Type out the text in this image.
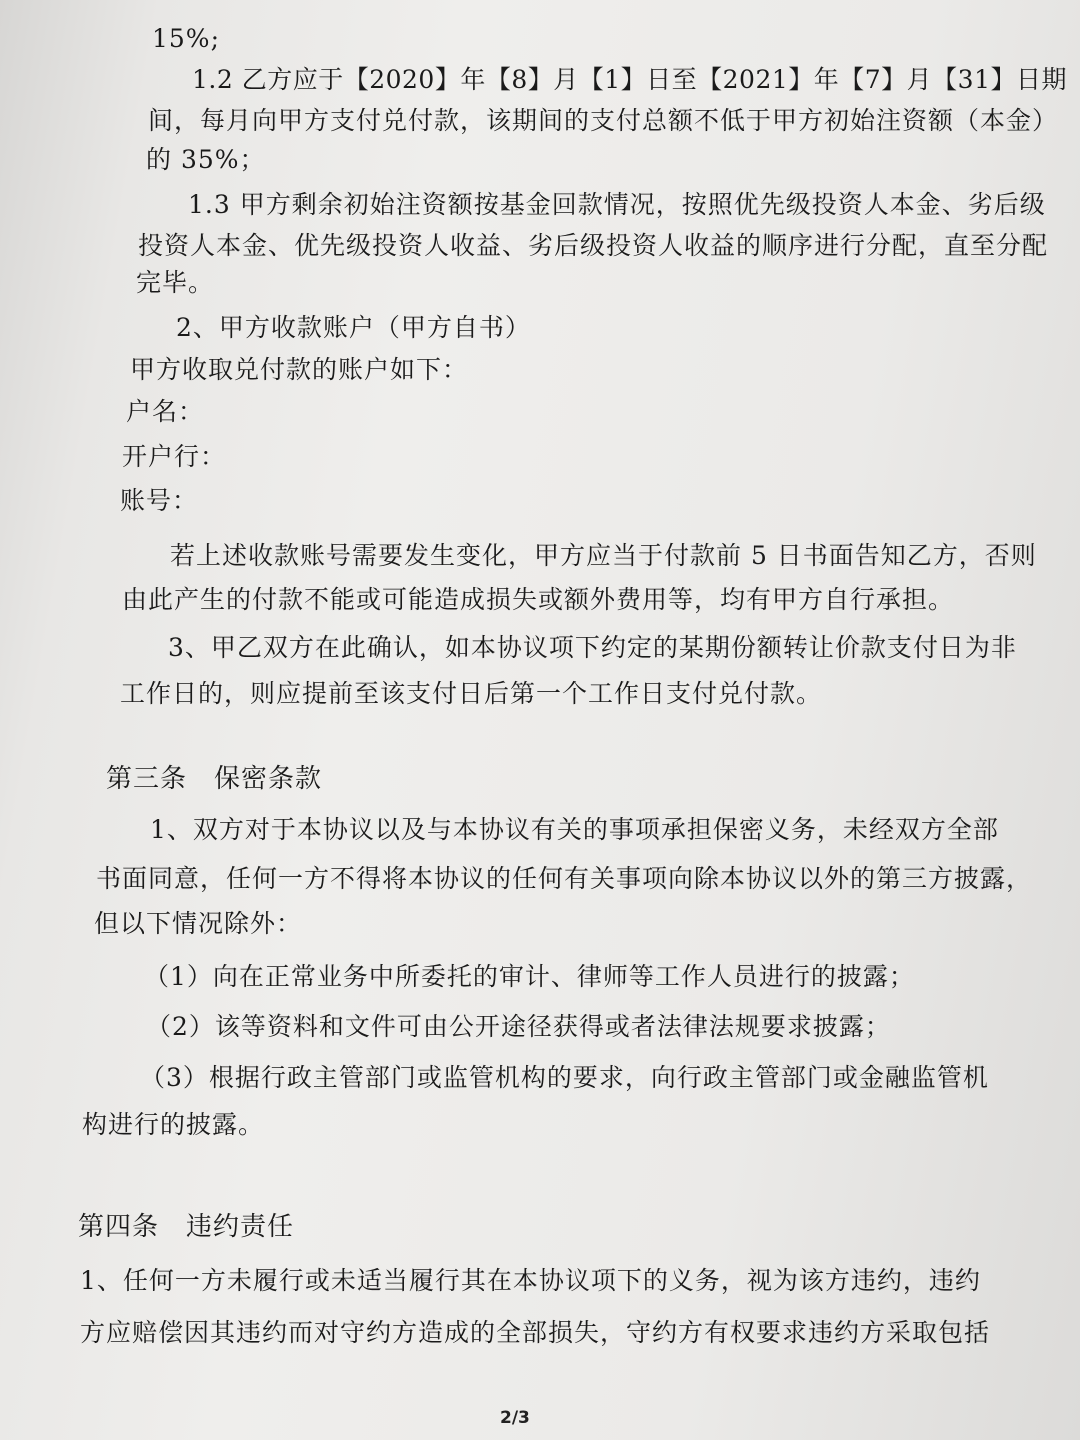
15%;
1.2 乙方应于【2020】年【8】月【1】日至【2021】年【7】月【31】日期
间，每月向甲方支付兑付款，该期间的支付总额不低于甲方初始注资额（本金）
的 35%；
1.3 甲方剩余初始注资额按基金回款情况，按照优先级投资人本金、劣后级
投资人本金、优先级投资人收益、劣后级投资人收益的顺序进行分配，直至分配
完毕。
2、甲方收款账户（甲方自书）
甲方收取兑付款的账户如下：
户名：
开户行：
账号：
若上述收款账号需要发生变化，甲方应当于付款前 5 日书面告知乙方，否则
由此产生的付款不能或可能造成损失或额外费用等，均有甲方自行承担。
3、甲乙双方在此确认，如本协议项下约定的某期份额转让价款支付日为非
工作日的，则应提前至该支付日后第一个工作日支付兑付款。
第三条　保密条款
1、双方对于本协议以及与本协议有关的事项承担保密义务，未经双方全部
书面同意，任何一方不得将本协议的任何有关事项向除本协议以外的第三方披露，
但以下情况除外：
（1）向在正常业务中所委托的审计、律师等工作人员进行的披露；
（2）该等资料和文件可由公开途径获得或者法律法规要求披露；
（3）根据行政主管部门或监管机构的要求，向行政主管部门或金融监管机
构进行的披露。
第四条　违约责任
1、任何一方未履行或未适当履行其在本协议项下的义务，视为该方违约，违约
方应赔偿因其违约而对守约方造成的全部损失，守约方有权要求违约方采取包括
2/3
